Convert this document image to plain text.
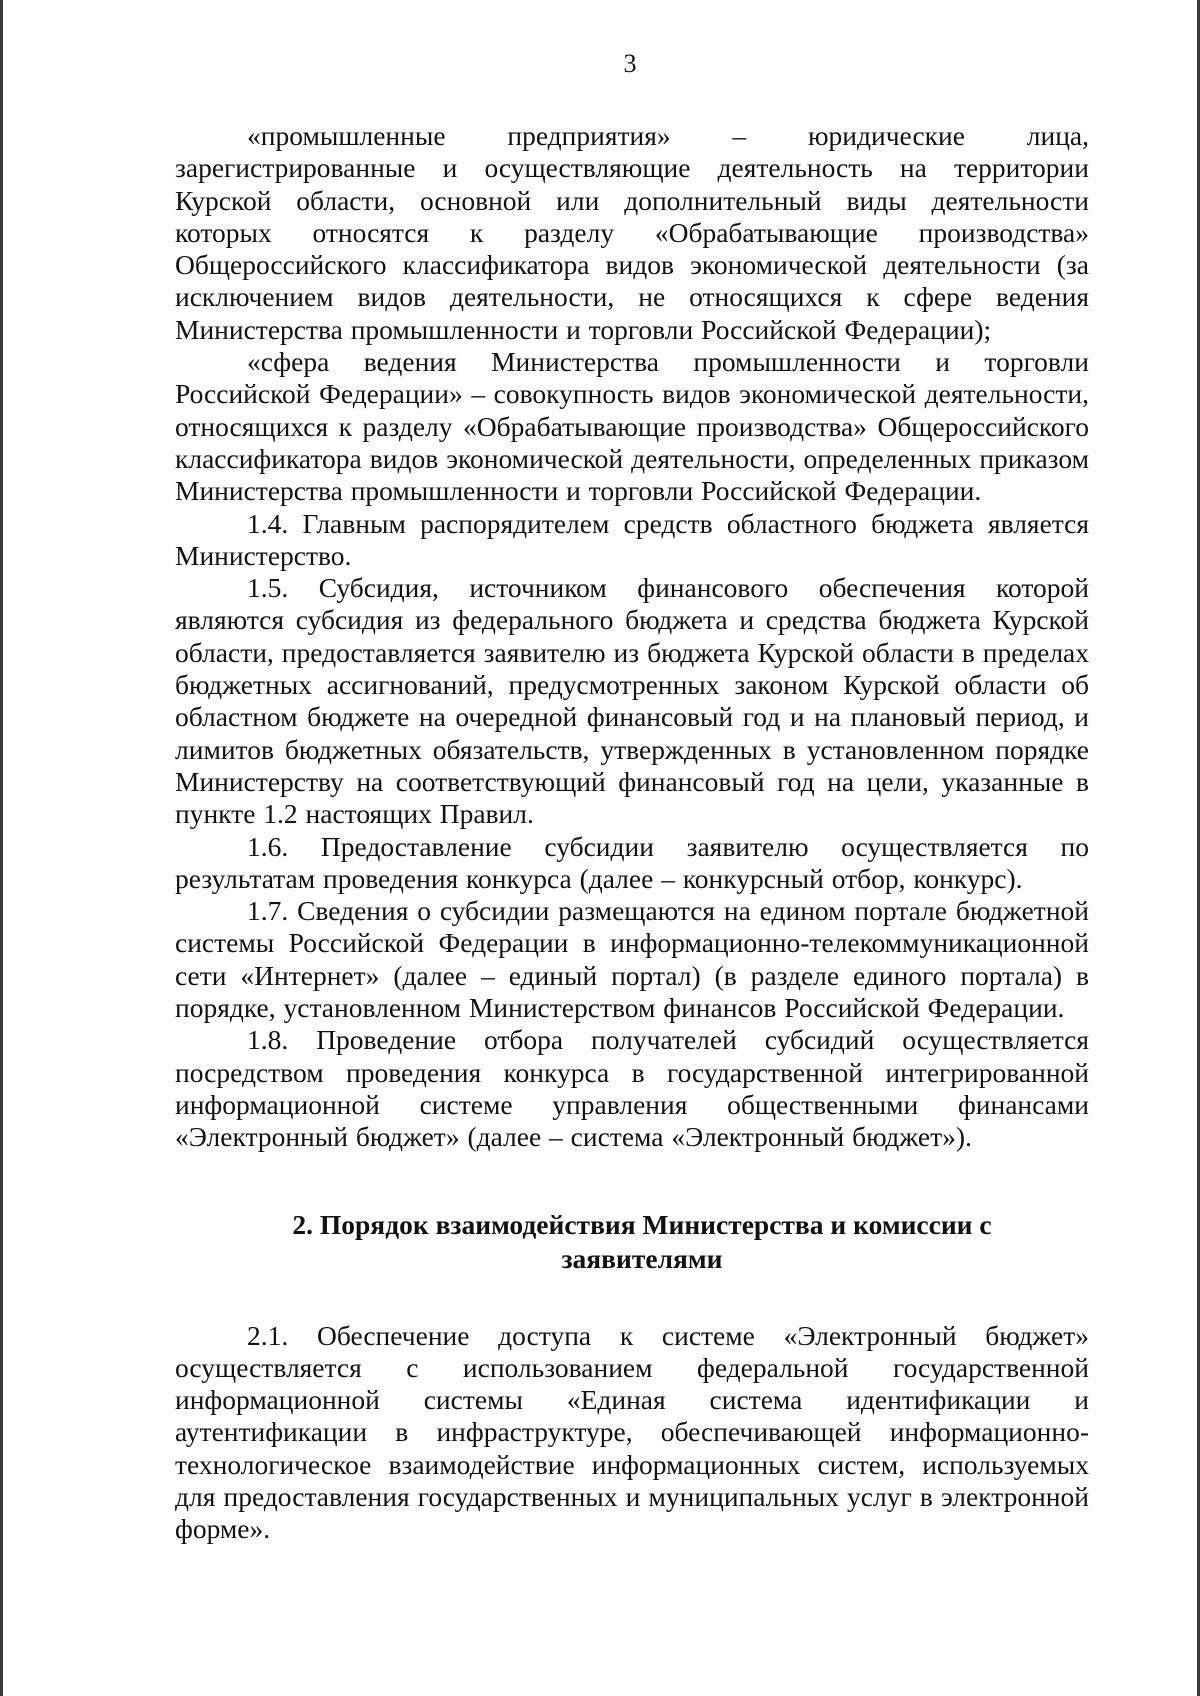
3

«промышленные предприятия» – юридические лица, зарегистрированные и осуществляющие деятельность на территории Курской области, основной или дополнительный виды деятельности которых относятся к разделу «Обрабатывающие производства» Общероссийского классификатора видов экономической деятельности (за исключением видов деятельности, не относящихся к сфере ведения Министерства промышленности и торговли Российской Федерации);

«сфера ведения Министерства промышленности и торговли Российской Федерации» – совокупность видов экономической деятельности, относящихся к разделу «Обрабатывающие производства» Общероссийского классификатора видов экономической деятельности, определенных приказом Министерства промышленности и торговли Российской Федерации.

1.4. Главным распорядителем средств областного бюджета является Министерство.

1.5. Субсидия, источником финансового обеспечения которой являются субсидия из федерального бюджета и средства бюджета Курской области, предоставляется заявителю из бюджета Курской области в пределах бюджетных ассигнований, предусмотренных законом Курской области об областном бюджете на очередной финансовый год и на плановый период, и лимитов бюджетных обязательств, утвержденных в установленном порядке Министерству на соответствующий финансовый год на цели, указанные в пункте 1.2 настоящих Правил.

1.6. Предоставление субсидии заявителю осуществляется по результатам проведения конкурса (далее – конкурсный отбор, конкурс).

1.7. Сведения о субсидии размещаются на едином портале бюджетной системы Российской Федерации в информационно-телекоммуникационной сети «Интернет» (далее – единый портал) (в разделе единого портала) в порядке, установленном Министерством финансов Российской Федерации.

1.8. Проведение отбора получателей субсидий осуществляется посредством проведения конкурса в государственной интегрированной информационной системе управления общественными финансами «Электронный бюджет» (далее – система «Электронный бюджет»).

2. Порядок взаимодействия Министерства и комиссии с
заявителями

2.1. Обеспечение доступа к системе «Электронный бюджет» осуществляется с использованием федеральной государственной информационной системы «Единая система идентификации и аутентификации в инфраструктуре, обеспечивающей информационно-технологическое взаимодействие информационных систем, используемых для предоставления государственных и муниципальных услуг в электронной форме».
